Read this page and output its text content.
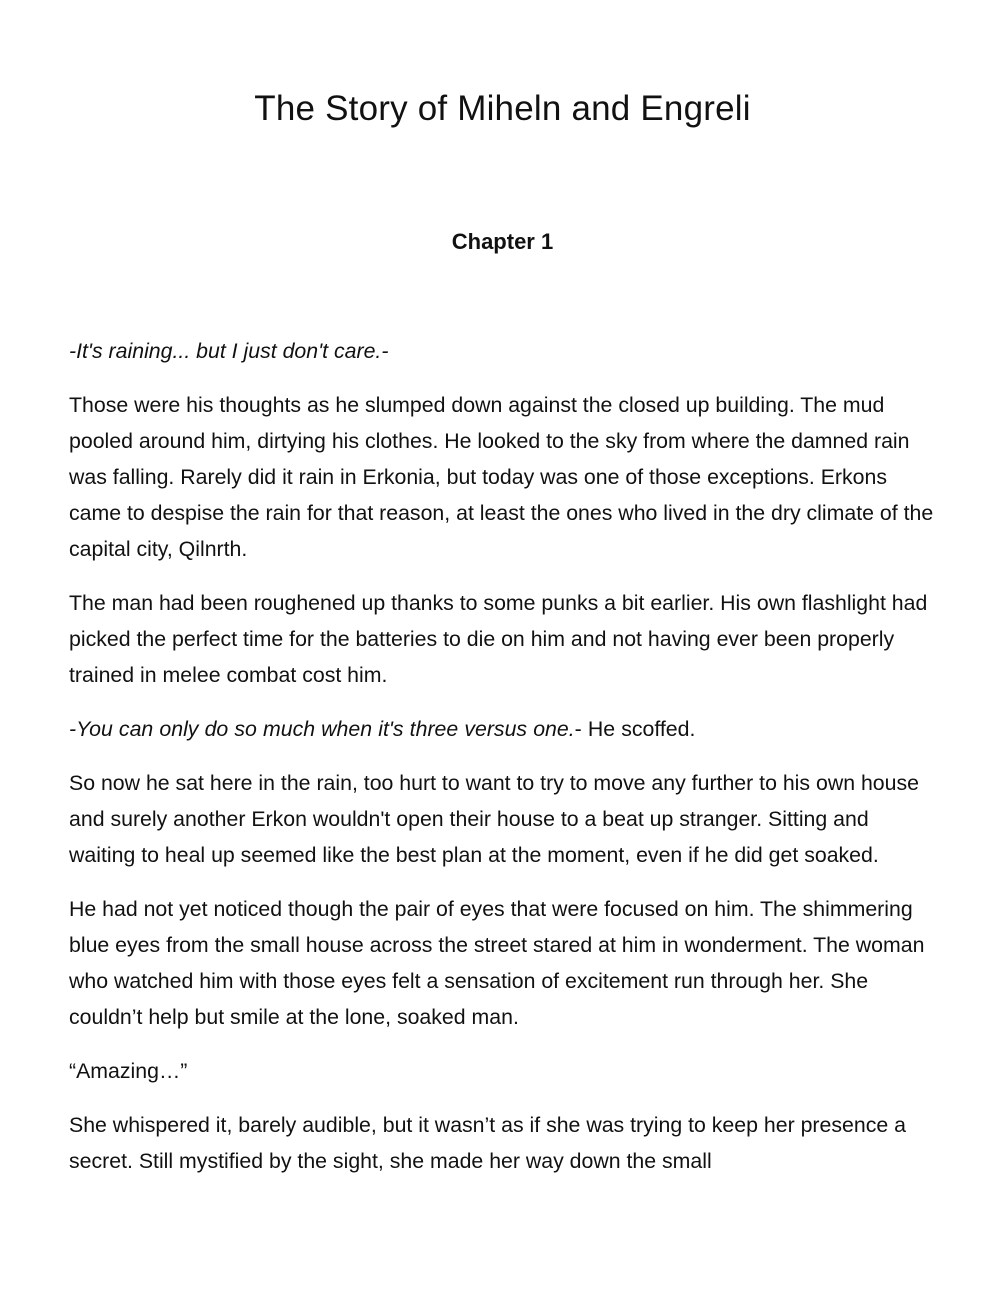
The Story of Miheln and Engreli
Chapter 1

-It's raining... but I just don't care.-

Those were his thoughts as he slumped down against the closed up building. The mud pooled around him, dirtying his clothes. He looked to the sky from where the damned rain was falling. Rarely did it rain in Erkonia, but today was one of those exceptions. Erkons came to despise the rain for that reason, at least the ones who lived in the dry climate of the capital city, Qilnrth.

The man had been roughened up thanks to some punks a bit earlier. His own flashlight had picked the perfect time for the batteries to die on him and not having ever been properly trained in melee combat cost him.

-You can only do so much when it's three versus one.- He scoffed.

So now he sat here in the rain, too hurt to want to try to move any further to his own house and surely another Erkon wouldn't open their house to a beat up stranger. Sitting and waiting to heal up seemed like the best plan at the moment, even if he did get soaked.

He had not yet noticed though the pair of eyes that were focused on him. The shimmering blue eyes from the small house across the street stared at him in wonderment. The woman who watched him with those eyes felt a sensation of excitement run through her. She couldn’t help but smile at the lone, soaked man.

“Amazing…”

She whispered it, barely audible, but it wasn’t as if she was trying to keep her presence a secret. Still mystified by the sight, she made her way down the small
